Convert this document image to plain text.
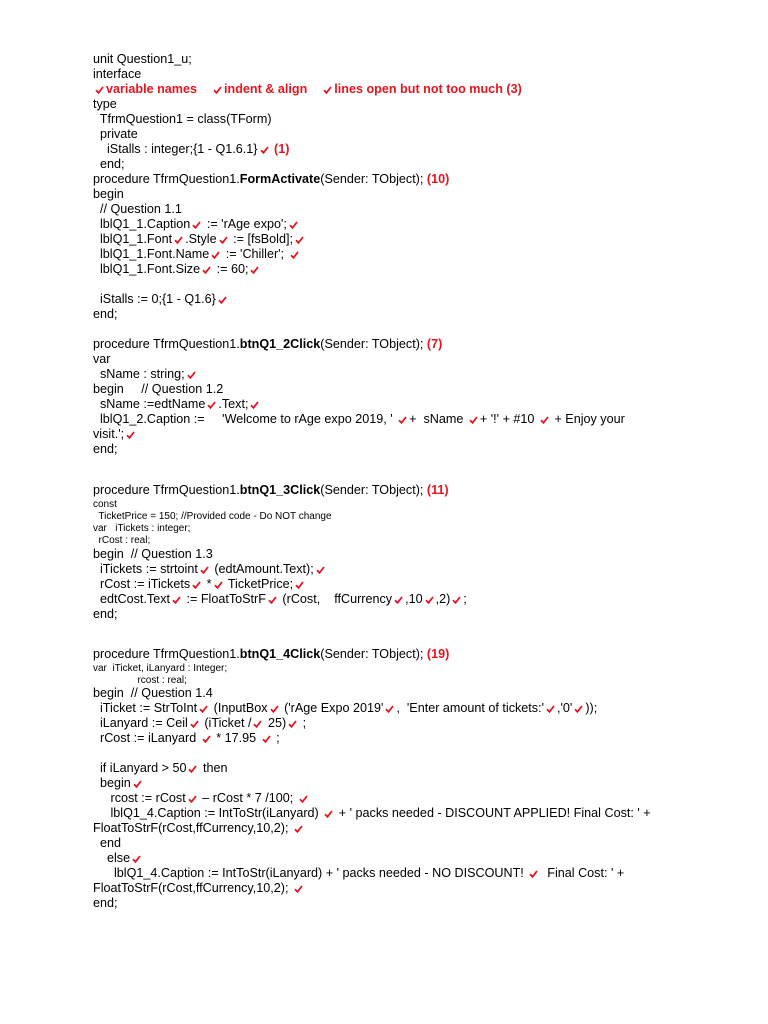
unit Question1_u;
interface
variable names indent & align lines open but not too much (3)
type
TfrmQuestion1 = class(TForm)
private
iStalls : integer;{1 - Q1.6.1} (1)
end;
procedure TfrmQuestion1.FormActivate(Sender: TObject); (10)
begin
// Question 1.1
lblQ1_1.Caption
:= 'rAge expo';
lblQ1_1.Font .Style
:= [fsBold];
lblQ1_1.Font.Name
:= 'Chiller';
lblQ1_1.Font.Size
:= 60;
iStalls := 0;{1 - Q1.6}
end;
procedure TfrmQuestion1.btnQ1_2Click(Sender: TObject); (7)
var
sName : string;
begin     // Question 1.2
sName :=edtName .Text;
lblQ1_2.Caption :=     'Welcome to rAge expo 2019, ' +  sName + '!' + #10 + Enjoy your
visit.';
end;
procedure TfrmQuestion1.btnQ1_3Click(Sender: TObject); (11)
const
TicketPrice = 150; //Provided code - Do NOT change
var   iTickets : integer;
rCost : real;
begin  // Question 1.3
iTickets := strtoint
(edtAmount.Text);
rCost := iTickets
*
TicketPrice;
edtCost.Text
:= FloatToStrF
(rCost,    ffCurrency ,10 ,2) ;
end;
procedure TfrmQuestion1.btnQ1_4Click(Sender: TObject); (19)
var  iTicket, iLanyard : Integer;
rcost : real;
begin  // Question 1.4
iTicket := StrToInt
(InputBox
('rAge Expo 2019' ,  'Enter amount of tickets:' ,'0' ));
iLanyard := Ceil
(iTicket /
25)
;
rCost := iLanyard
* 17.95
;
if iLanyard > 50
then
begin
rcost := rCost
– rCost * 7 /100;
lblQ1_4.Caption := IntToStr(iLanyard)
+ ' packs needed - DISCOUNT APPLIED! Final Cost: ' +
FloatToStrF(rCost,ffCurrency,10,2);
end
else
lblQ1_4.Caption := IntToStr(iLanyard) + ' packs needed - NO DISCOUNT!
Final Cost: ' +
FloatToStrF(rCost,ffCurrency,10,2);
end;
